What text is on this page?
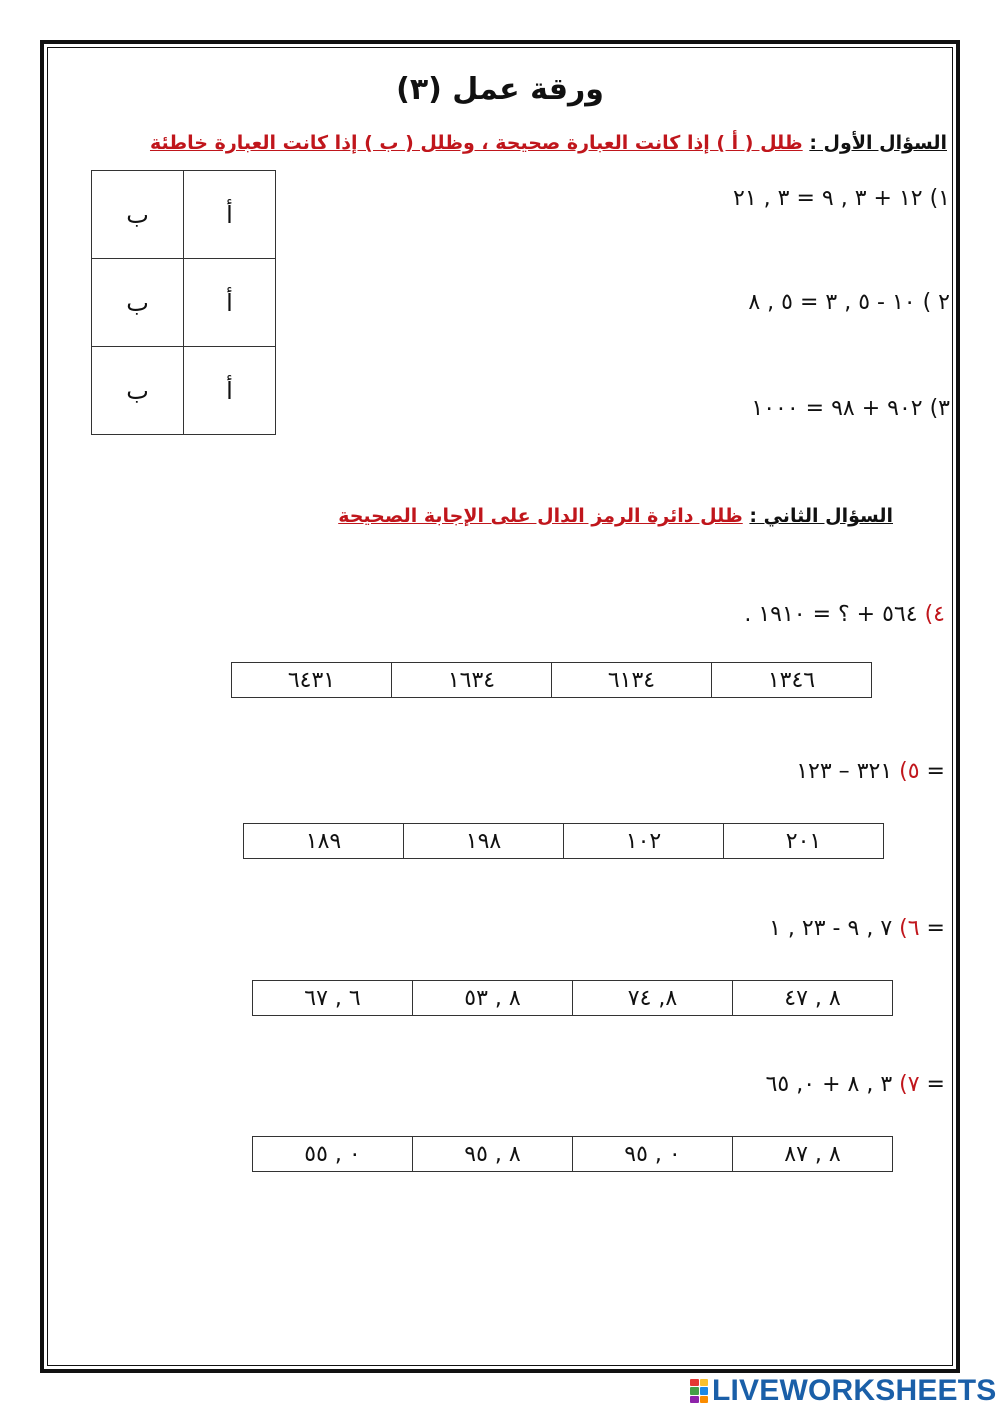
ورقة عمل (٣)
السؤال الأول : ظلل ( أ ) إذا كانت العبارة صحيحة ، وظلل ( ب ) إذا كانت العبارة خاطئة
١) ١٢ + ٣ , ٩ = ٣ , ٢١
٢ ) ١٠ - ٥ , ٣ = ٥ , ٨
٣) ٩٠٢ + ٩٨ = ١٠٠٠
ب	أ
ب	أ
ب	أ
السؤال الثاني : ظلل دائرة الرمز الدال على الإجابة الصحيحة
٤) ٥٦٤ + ؟ = ١٩١٠ .
١٣٤٦	٦١٣٤	١٦٣٤	٦٤٣١
٥) ٣٢١ – ١٢٣ =
٢٠١	١٠٢	١٩٨	١٨٩
٦) ٧ , ٩ - ٢٣ , ١ =
٨ , ٤٧	٨, ٧٤	٨ , ٥٣	٦ , ٦٧
٧) ٣ , ٨ + ٠, ٦٥ =
٨ , ٨٧	٠ , ٩٥	٨ , ٩٥	٠ , ٥٥
LIVEWORKSHEETS
